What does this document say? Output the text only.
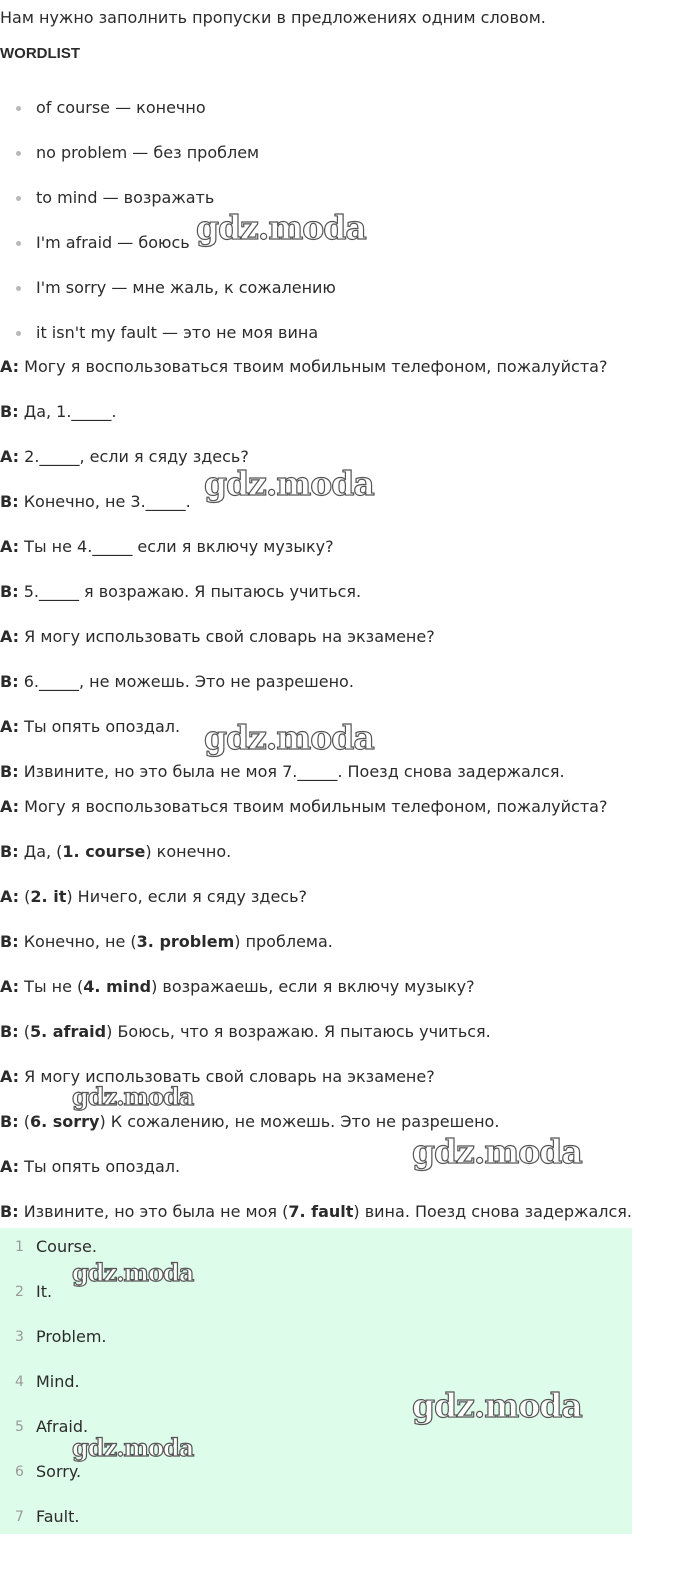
Нам нужно заполнить пропуски в предложениях одним словом.
WORDLIST
of course — конечно
no problem — без проблем
to mind — возражать
I'm afraid — боюсь
I'm sorry — мне жаль, к сожалению
it isn't my fault — это не моя вина
A: Могу я воспользоваться твоим мобильным телефоном, пожалуйста?
B: Да, 1._____.
A: 2._____, если я сяду здесь?
B: Конечно, не 3._____.
A: Ты не 4._____ если я включу музыку?
B: 5._____ я возражаю. Я пытаюсь учиться.
A: Я могу использовать свой словарь на экзамене?
B: 6._____, не можешь. Это не разрешено.
A: Ты опять опоздал.
B: Извините, но это была не моя 7._____. Поезд снова задержался.
A: Могу я воспользоваться твоим мобильным телефоном, пожалуйста?
B: Да, (1. course) конечно.
A: (2. it) Ничего, если я сяду здесь?
B: Конечно, не (3. problem) проблема.
A: Ты не (4. mind) возражаешь, если я включу музыку?
B: (5. afraid) Боюсь, что я возражаю. Я пытаюсь учиться.
A: Я могу использовать свой словарь на экзамене?
B: (6. sorry) К сожалению, не можешь. Это не разрешено.
A: Ты опять опоздал.
B: Извините, но это была не моя (7. fault) вина. Поезд снова задержался.
1 Course.
2 It.
3 Problem.
4 Mind.
5 Afraid.
6 Sorry.
7 Fault.
gdz.moda
gdz.moda
gdz.moda
gdz.moda
gdz.moda
gdz.moda
gdz.moda
gdz.moda
